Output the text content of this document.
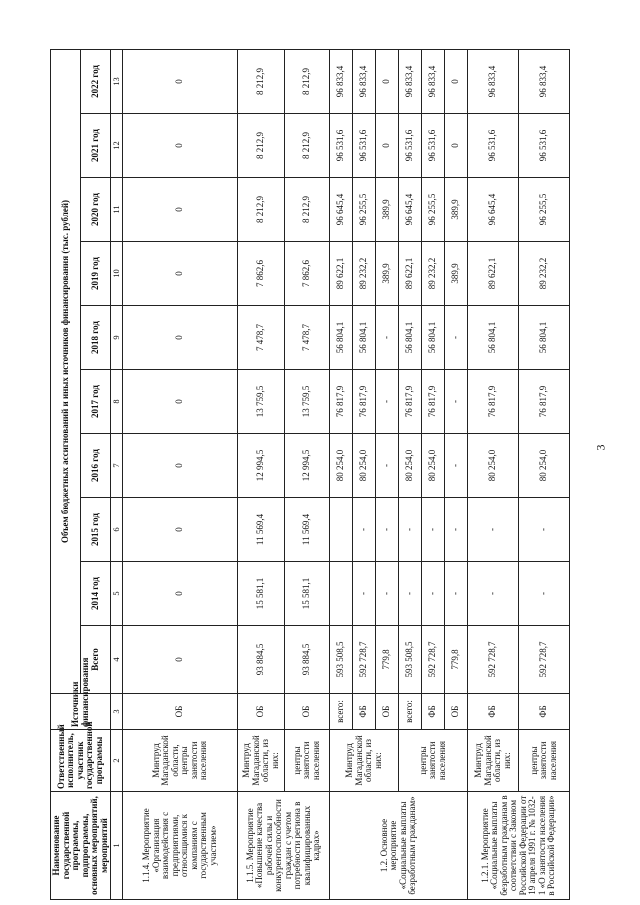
3
Наименование государственной программы, подпрограммы, основных мероприятий, мероприятий	Ответственный исполнитель, участник государственной программы	Источники финансирования	Объем бюджетных ассигнований и иных источников финансирования (тыс. рублей)									
			Всего	2014 год	2015 год	2016 год	2017 год	2018 год	2019 год	2020 год	2021 год	2022 год
1	2	3	4	5	6	7	8	9	10	11	12	13
1.1.4. Мероприятие «Организация взаимодействия с предприятиями, относящимися к компаниям с государственным участием»	Минтруд Магаданской области, центры занятости населения	ОБ	0	0	0	0	0	0	0	0	0	0
1.1.5. Мероприятие «Повышение качества рабочей силы и конкурентоспособности граждан с учетом потребности региона в квалифицированных кадрах»	Минтруд Магаданской области, из них:	ОБ	93 884,5	15 581,1	11 569,4	12 994,5	13 759,5	7 478,7	7 862,6	8 212,9	8 212,9	8 212,9
	центры занятости населения	ОБ	93 884,5	15 581,1	11 569,4	12 994,5	13 759,5	7 478,7	7 862,6	8 212,9	8 212,9	8 212,9
1.2. Основное мероприятие «Социальные выплаты безработным гражданам»	Минтруд Магаданской области, из них:	всего:	593 508,5			80 254,0	76 817,9	56 804,1	89 622,1	96 645,4	96 531,6	96 833,4
		ФБ	592 728,7	-	-	80 254,0	76 817,9	56 804,1	89 232,2	96 255,5	96 531,6	96 833,4
		ОБ	779,8	-	-	-	-	-	389,9	389,9	0	0
	центры занятости населения	всего:	593 508,5	-	-	80 254,0	76 817,9	56 804,1	89 622,1	96 645,4	96 531,6	96 833,4
		ФБ	592 728,7	-	-	80 254,0	76 817,9	56 804,1	89 232,2	96 255,5	96 531,6	96 833,4
		ОБ	779,8	-	-	-	-	-	389,9	389,9	0	0
1.2.1. Мероприятие «Социальные выплаты безработным гражданам в соответствии с Законом Российской Федерации от 19 апреля 1991 г. № 1032-1 «О занятости населения в Российской Федерации»	Минтруд Магаданской области, из них:	ФБ	592 728,7	-	-	80 254,0	76 817,9	56 804,1	89 622,1	96 645,4	96 531,6	96 833,4
	центры занятости населения	ФБ	592 728,7	-	-	80 254,0	76 817,9	56 804,1	89 232,2	96 255,5	96 531,6	96 833,4
